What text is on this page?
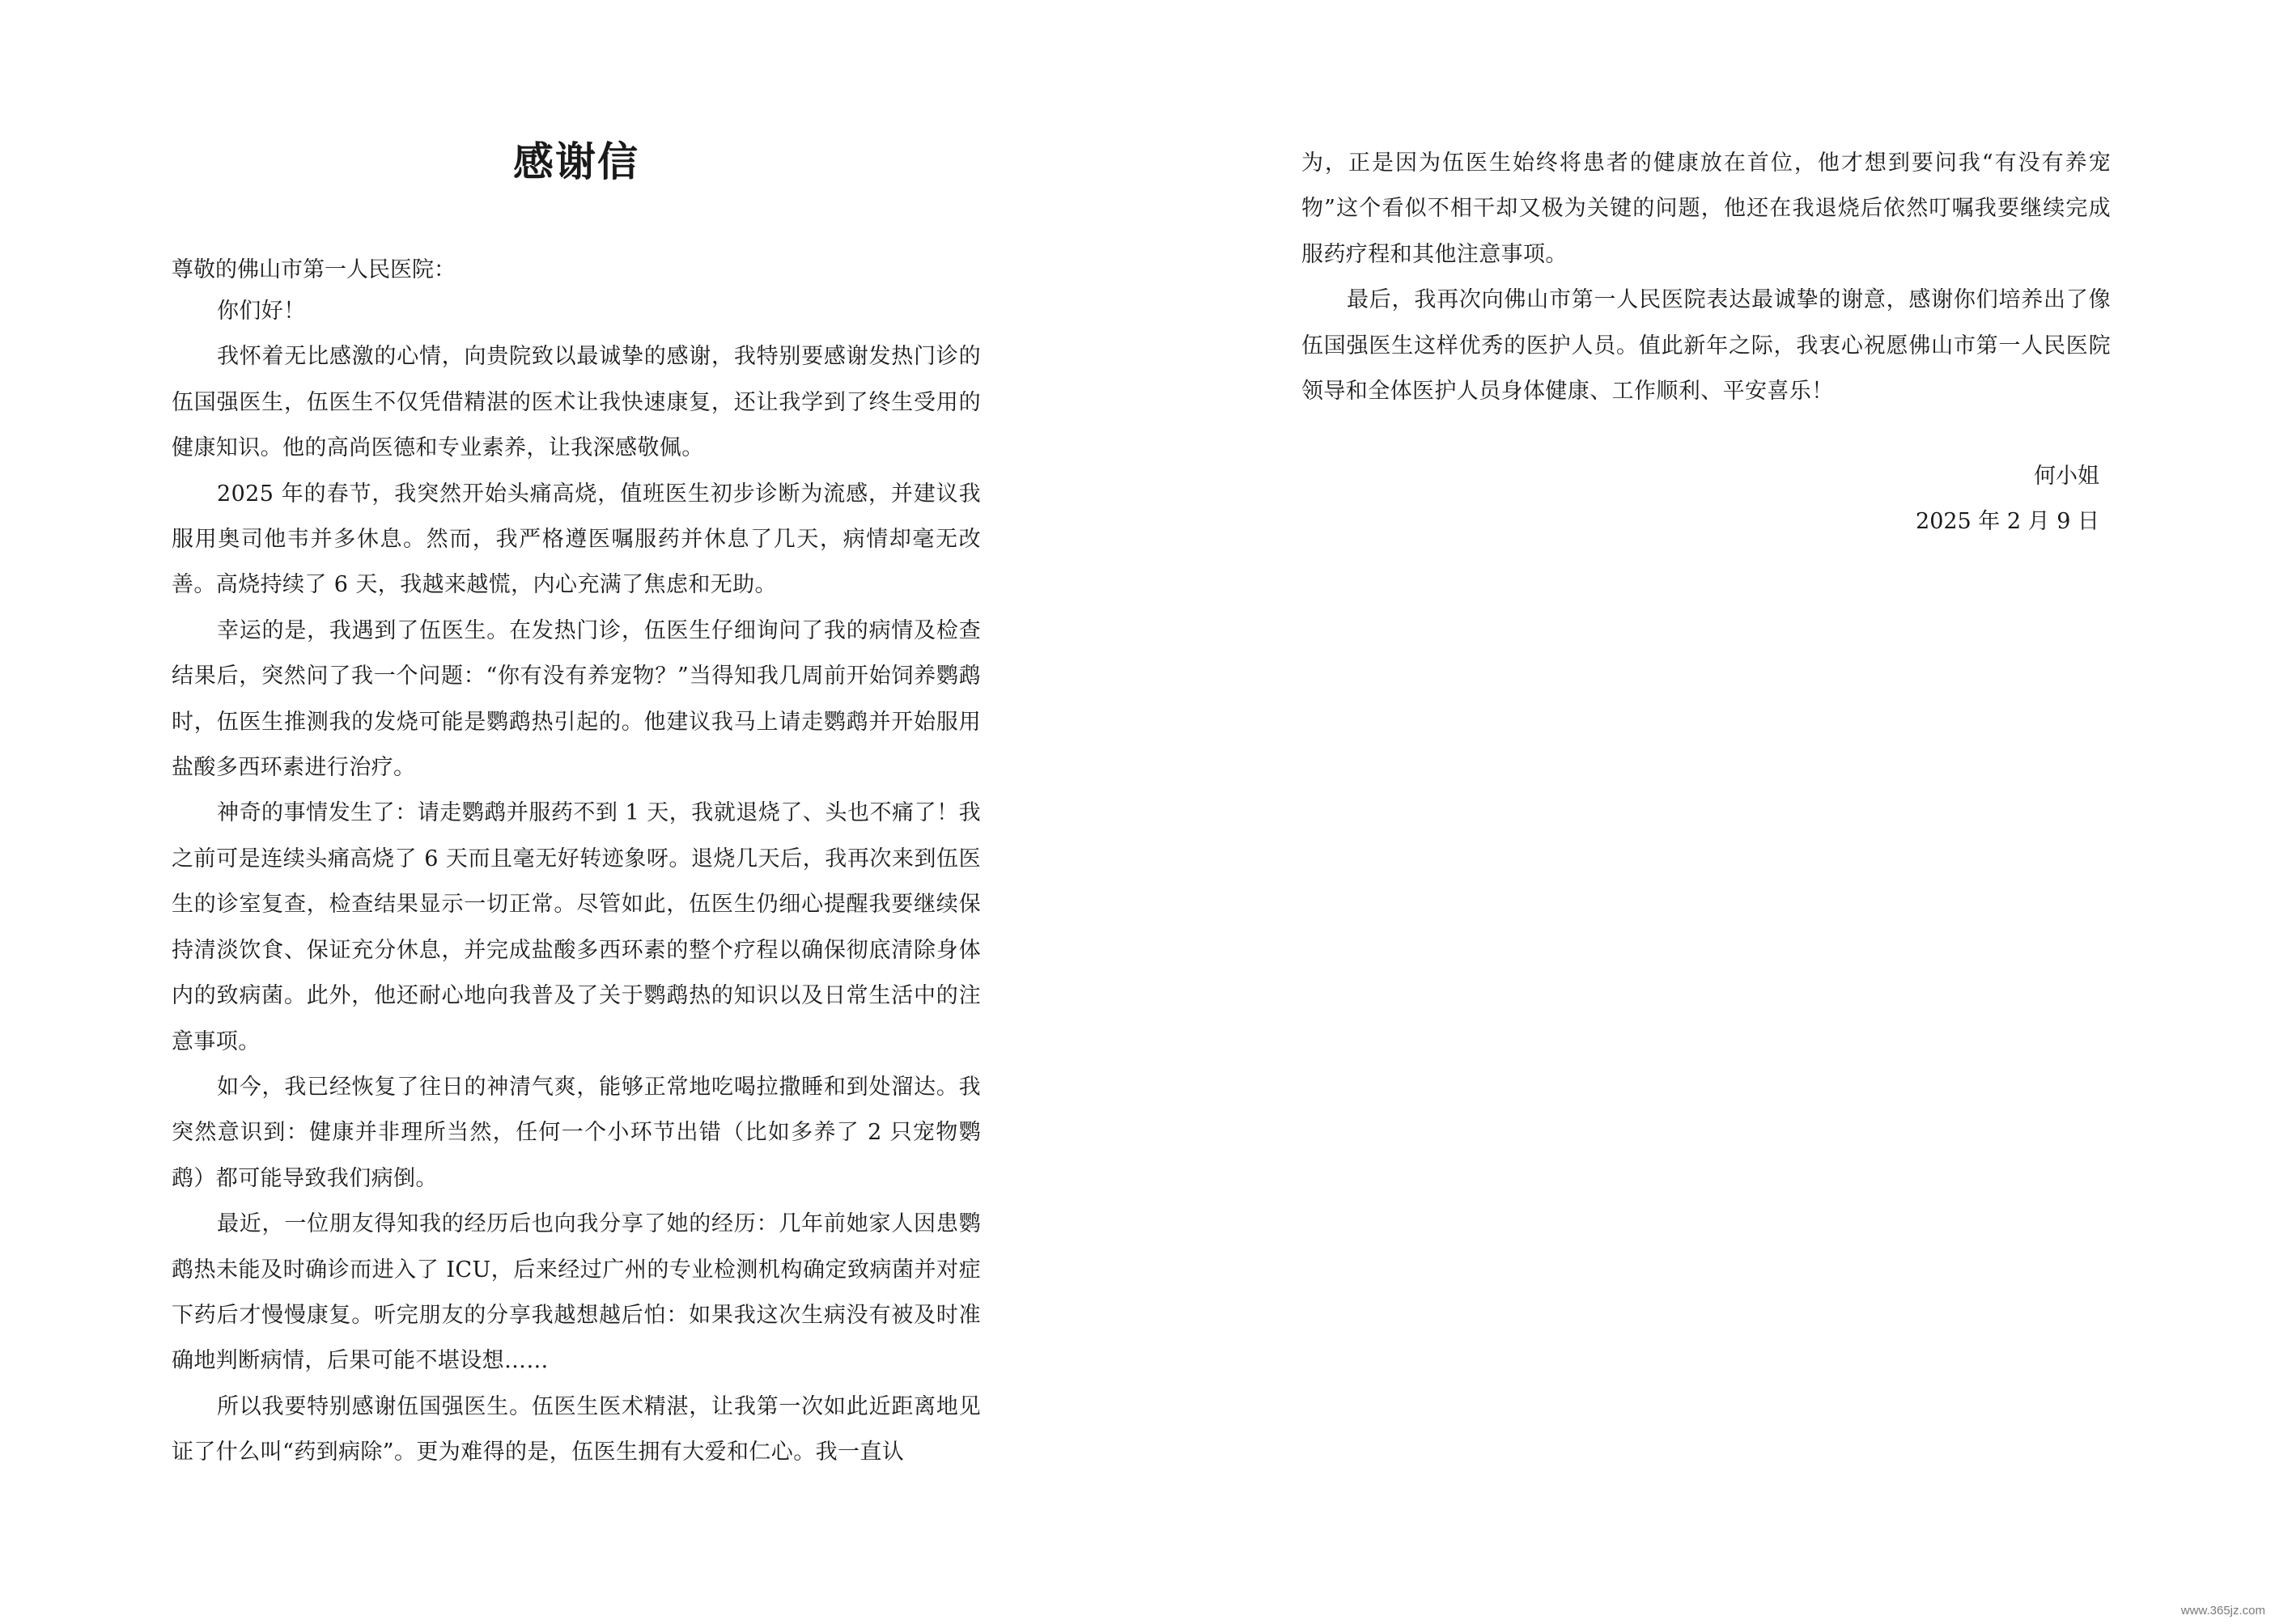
感谢信
尊敬的佛山市第一人民医院：

你们好！

我怀着无比感激的心情，向贵院致以最诚挚的感谢，我特别要感谢发热门诊的伍国强医生，伍医生不仅凭借精湛的医术让我快速康复，还让我学到了终生受用的健康知识。他的高尚医德和专业素养，让我深感敬佩。

2025 年的春节，我突然开始头痛高烧，值班医生初步诊断为流感，并建议我服用奥司他韦并多休息。然而，我严格遵医嘱服药并休息了几天，病情却毫无改善。高烧持续了 6 天，我越来越慌，内心充满了焦虑和无助。

幸运的是，我遇到了伍医生。在发热门诊，伍医生仔细询问了我的病情及检查结果后，突然问了我一个问题：“你有没有养宠物？”当得知我几周前开始饲养鹦鹉时，伍医生推测我的发烧可能是鹦鹉热引起的。他建议我马上请走鹦鹉并开始服用盐酸多西环素进行治疗。

神奇的事情发生了：请走鹦鹉并服药不到 1 天，我就退烧了、头也不痛了！我之前可是连续头痛高烧了 6 天而且毫无好转迹象呀。退烧几天后，我再次来到伍医生的诊室复查，检查结果显示一切正常。尽管如此，伍医生仍细心提醒我要继续保持清淡饮食、保证充分休息，并完成盐酸多西环素的整个疗程以确保彻底清除身体内的致病菌。此外，他还耐心地向我普及了关于鹦鹉热的知识以及日常生活中的注意事项。

如今，我已经恢复了往日的神清气爽，能够正常地吃喝拉撒睡和到处溜达。我突然意识到：健康并非理所当然，任何一个小环节出错（比如多养了 2 只宠物鹦鹉）都可能导致我们病倒。

最近，一位朋友得知我的经历后也向我分享了她的经历：几年前她家人因患鹦鹉热未能及时确诊而进入了 ICU，后来经过广州的专业检测机构确定致病菌并对症下药后才慢慢康复。听完朋友的分享我越想越后怕：如果我这次生病没有被及时准确地判断病情，后果可能不堪设想……

所以我要特别感谢伍国强医生。伍医生医术精湛，让我第一次如此近距离地见证了什么叫“药到病除”。更为难得的是，伍医生拥有大爱和仁心。我一直认

为，正是因为伍医生始终将患者的健康放在首位，他才想到要问我“有没有养宠物”这个看似不相干却又极为关键的问题，他还在我退烧后依然叮嘱我要继续完成服药疗程和其他注意事项。

最后，我再次向佛山市第一人民医院表达最诚挚的谢意，感谢你们培养出了像伍国强医生这样优秀的医护人员。值此新年之际，我衷心祝愿佛山市第一人民医院领导和全体医护人员身体健康、工作顺利、平安喜乐！

何小姐
2025 年 2 月 9 日
www.365jz.com
